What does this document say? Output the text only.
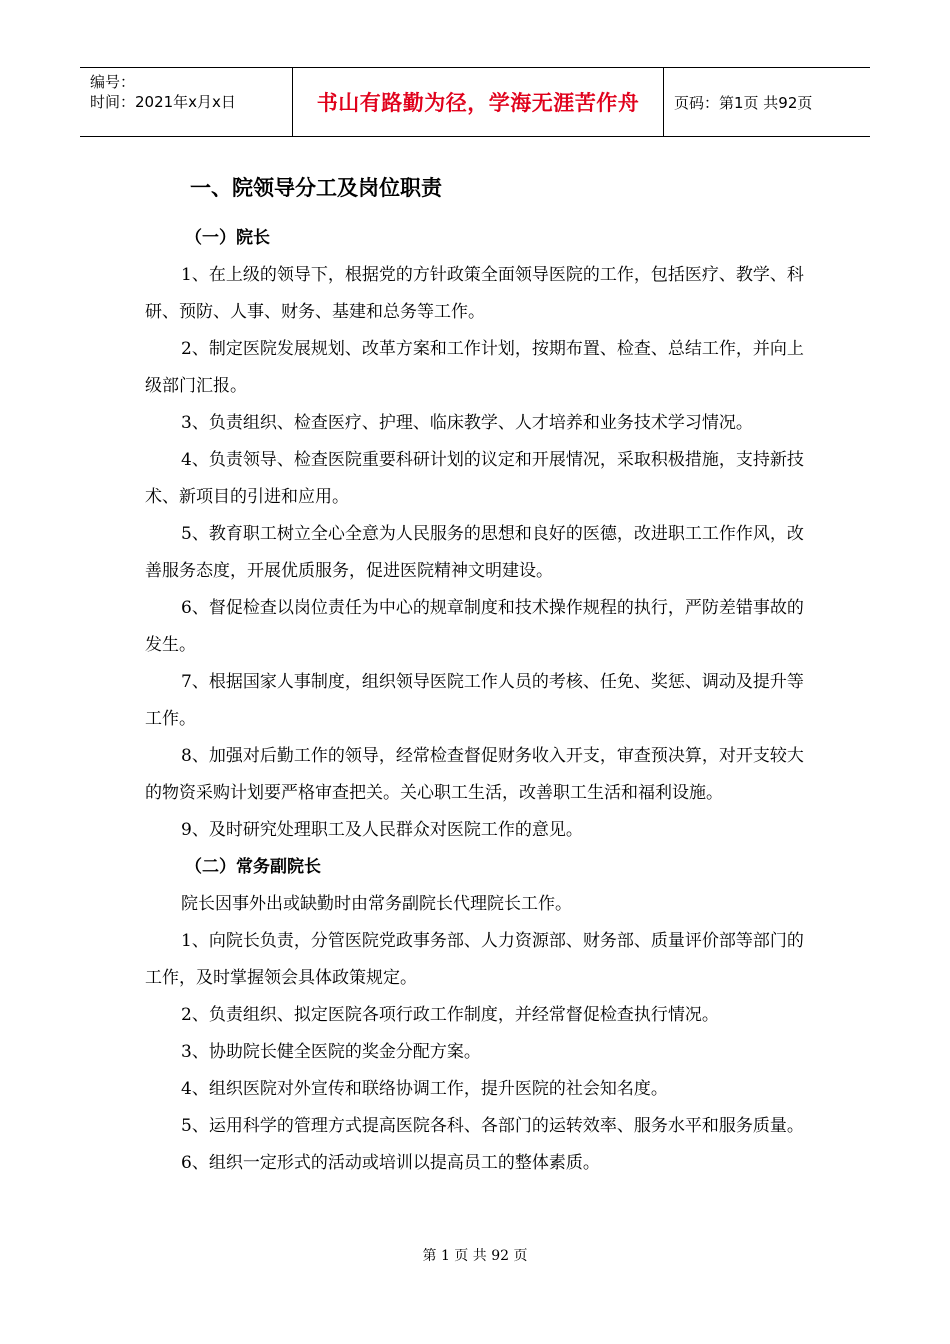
编号：
时间：2021年x月x日	书山有路勤为径，学海无涯苦作舟	页码：第1页 共92页
一、院领导分工及岗位职责
（一）院长

1、在上级的领导下，根据党的方针政策全面领导医院的工作，包括医疗、教学、科研、预防、人事、财务、基建和总务等工作。

2、制定医院发展规划、改革方案和工作计划，按期布置、检查、总结工作，并向上级部门汇报。

3、负责组织、检查医疗、护理、临床教学、人才培养和业务技术学习情况。

4、负责领导、检查医院重要科研计划的议定和开展情况，采取积极措施，支持新技术、新项目的引进和应用。

5、教育职工树立全心全意为人民服务的思想和良好的医德，改进职工工作作风，改善服务态度，开展优质服务，促进医院精神文明建设。

6、督促检查以岗位责任为中心的规章制度和技术操作规程的执行，严防差错事故的发生。

7、根据国家人事制度，组织领导医院工作人员的考核、任免、奖惩、调动及提升等工作。

8、加强对后勤工作的领导，经常检查督促财务收入开支，审查预决算，对开支较大的物资采购计划要严格审查把关。关心职工生活，改善职工生活和福利设施。

9、及时研究处理职工及人民群众对医院工作的意见。

（二）常务副院长

院长因事外出或缺勤时由常务副院长代理院长工作。

1、向院长负责，分管医院党政事务部、人力资源部、财务部、质量评价部等部门的工作，及时掌握领会具体政策规定。

2、负责组织、拟定医院各项行政工作制度，并经常督促检查执行情况。

3、协助院长健全医院的奖金分配方案。

4、组织医院对外宣传和联络协调工作，提升医院的社会知名度。

5、运用科学的管理方式提高医院各科、各部门的运转效率、服务水平和服务质量。

6、组织一定形式的活动或培训以提高员工的整体素质。

第 1 页 共 92 页
